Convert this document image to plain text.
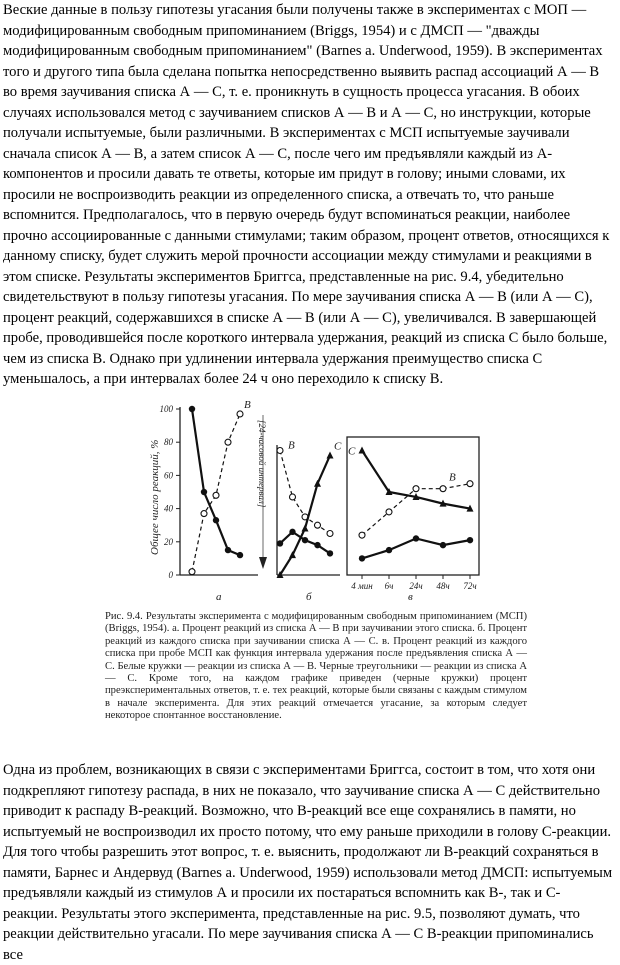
Веские данные в пользу гипотезы угасания были получены также в экспериментах с МОП — модифицированным свободным припоминанием (Briggs, 1954) и с ДМСП — "дважды модифицированным свободным припоминанием" (Barnes a. Underwood, 1959). В экспериментах того и другого типа была сделана попытка непосредственно выявить распад ассоциаций А — В во время заучивания списка А — С, т. е. проникнуть в сущность процесса угасания. В обоих случаях использовался метод с заучиванием списков А — В и А — С, но инструкции, которые получали испытуемые, были различными. В экспериментах с МСП испытуемые заучивали сначала список А — В, а затем список А — С, после чего им предъявляли каждый из А-компонентов и просили давать те ответы, которые им придут в голову; иными словами, их просили не воспроизводить реакции из определенного списка, а отвечать то, что раньше вспомнится. Предполагалось, что в первую очередь будут вспоминаться реакции, наиболее прочно ассоциированные с данными стимулами; таким образом, процент ответов, относящихся к данному списку, будет служить мерой прочности ассоциации между стимулами и реакциями в этом списке. Результаты экспериментов Бриггса, представленные на рис. 9.4, убедительно свидетельствуют в пользу гипотезы угасания. По мере заучивания списка А — В (или А — С), процент реакций, содержавшихся в списке А — В (или А — С), увеличивался. В завершающей пробе, проводившейся после короткого интервала удержания, реакций из списка С было больше, чем из списка В. Однако при удлинении интервала удержания преимущество списка С уменьшалось, а при интервалах более 24 ч оно переходило к списку В.

[24-часовой интервал]
Общее число реакций, %
0
20
40
60
80
100
4 мин 6ч 24ч 48ч 72ч
В
В	С
В
С
а	б	в

Рис. 9.4. Результаты эксперимента с модифицированным свободным припоминанием (МСП) (Briggs, 1954). а. Процент реакций из списка А — В при заучивании этого списка. б. Процент реакций из каждого списка при заучивании списка А — С. в. Процент реакций из каждого списка при пробе МСП как функция интервала удержания после предъявления списка А — С. Белые кружки — реакции из списка А — В. Черные треугольники — реакции из списка А — С. Кроме того, на каждом графике приведен (черные кружки) процент преэкспериментальных ответов, т. е. тех реакций, которые были связаны с каждым стимулом в начале эксперимента. Для этих реакций отмечается угасание, за которым следует некоторое спонтанное восстановление.

Одна из проблем, возникающих в связи с экспериментами Бриггса, состоит в том, что хотя они подкрепляют гипотезу распада, в них не показало, что заучивание списка А — С действительно приводит к распаду В-реакций. Возможно, что В-реакций все еще сохранялись в памяти, но испытуемый не воспроизводил их просто потому, что ему раньше приходили в голову С-реакции. Для того чтобы разрешить этот вопрос, т. е. выяснить, продолжают ли В-реакций сохраняться в памяти, Барнес и Андервуд (Barnes a. Underwood, 1959) использовали метод ДМСП: испытуемым предъявляли каждый из стимулов А и просили их постараться вспомнить как В-, так и С-реакции. Результаты этого эксперимента, представленные на рис. 9.5, позволяют думать, что реакции действительно угасали. По мере заучивания списка А — С В-реакции припоминались все
